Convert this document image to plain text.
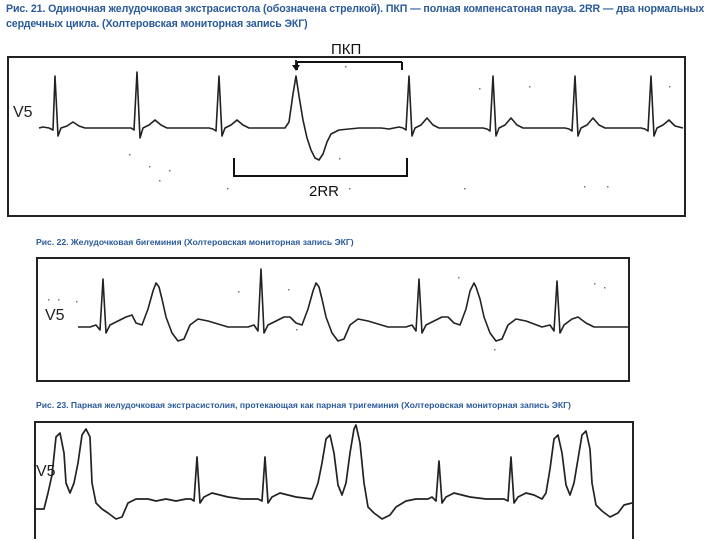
Рис. 21. Одиночная желудочковая экстрасистола (обозначена стрелкой). ПКП — полная компенсатоная пауза. 2RR — два нормальных сердечных цикла. (Холтеровская мониторная запись ЭКГ)

ПКП
2RR
V5

Рис. 22. Желудочковая бигеминия (Холтеровская мониторная запись ЭКГ)

V5

Рис. 23. Парная желудочковая экстрасистолия, протекающая как парная тригеминия (Холтеровская мониторная запись ЭКГ)

V5
